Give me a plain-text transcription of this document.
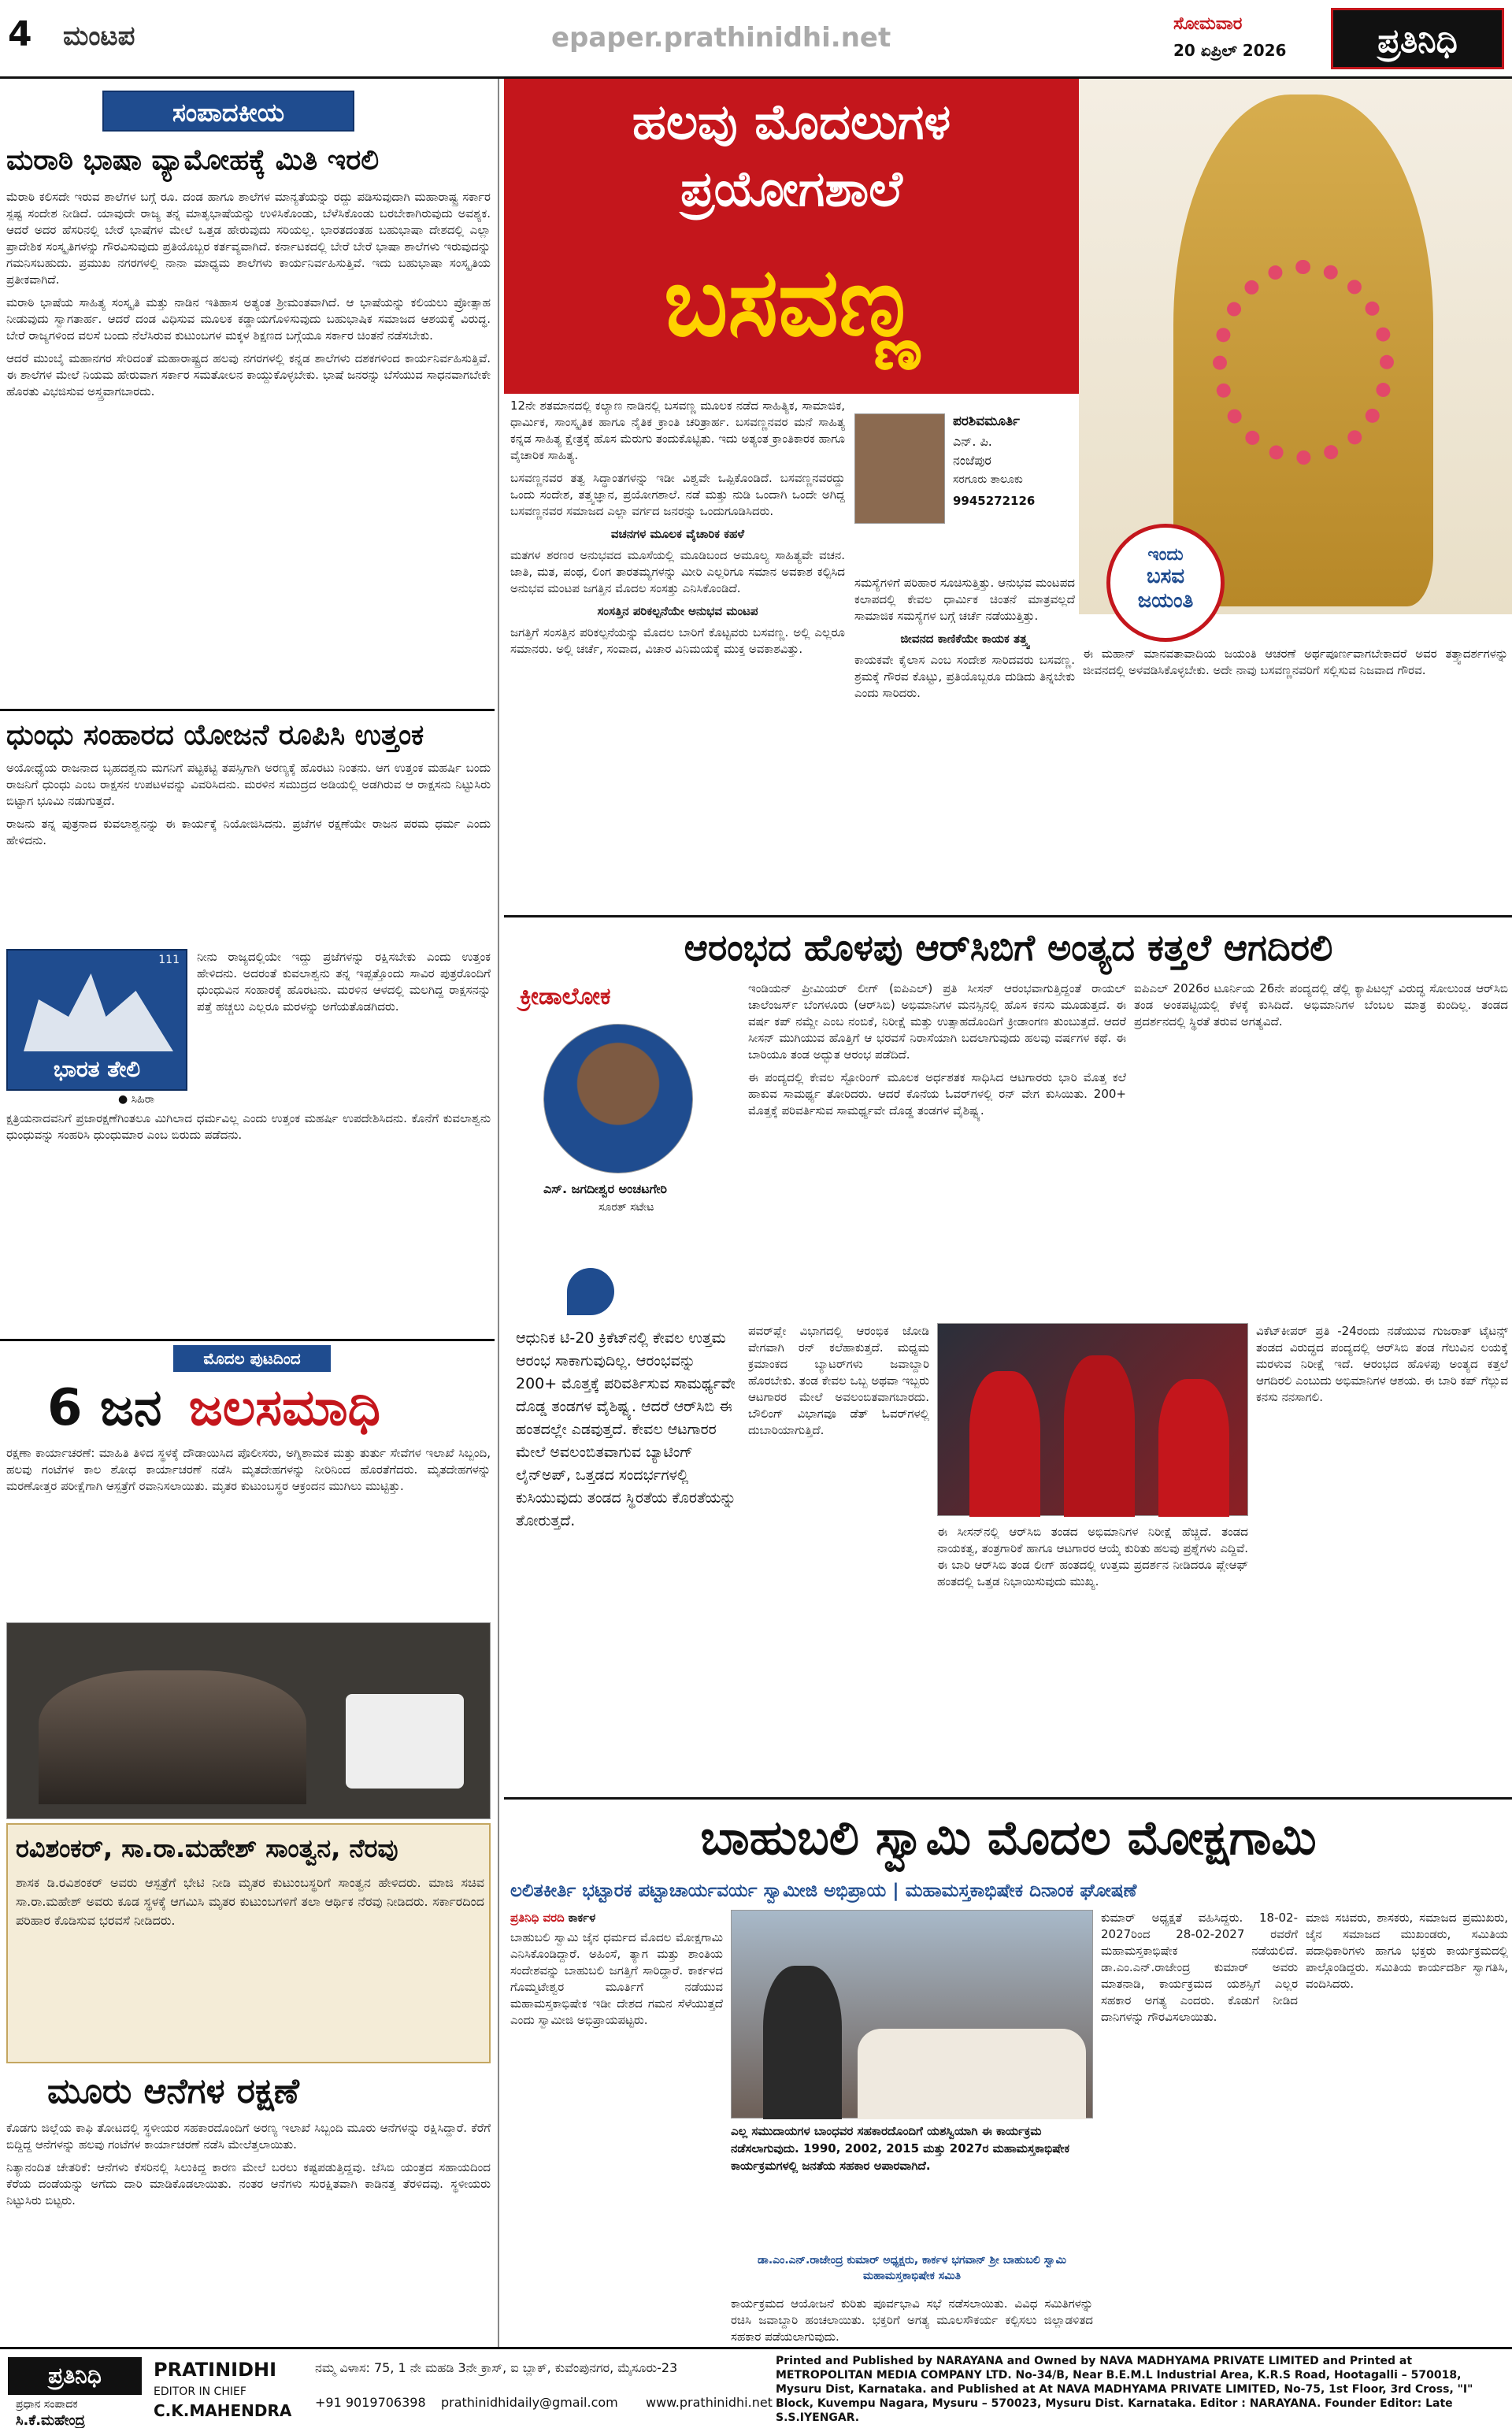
4 ಮಂಟಪ	epaper.prathinidhi.net	ಸೋಮವಾರ
20 ಏಪ್ರಿಲ್ 2026	ಪ್ರತಿನಿಧಿ
ಸಂಪಾದಕೀಯ
ಮರಾಠಿ ಭಾಷಾ ವ್ಯಾಮೋಹಕ್ಕೆ ಮಿತಿ ಇರಲಿ

ಮೆರಾಠಿ ಕಲಿಸದೇ ಇರುವ ಶಾಲೆಗಳ ಬಗ್ಗೆ ರೂ. ದಂಡ ಹಾಗೂ ಶಾಲೆಗಳ ಮಾನ್ಯತೆಯನ್ನು ರದ್ದು ಪಡಿಸುವುದಾಗಿ ಮಹಾರಾಷ್ಟ್ರ ಸರ್ಕಾರ ಸ್ಪಷ್ಟ ಸಂದೇಶ ನೀಡಿದೆ. ಯಾವುದೇ ರಾಜ್ಯ ತನ್ನ ಮಾತೃಭಾಷೆಯನ್ನು ಉಳಿಸಿಕೊಂಡು, ಬೆಳೆಸಿಕೊಂಡು ಬರಬೇಕಾಗಿರುವುದು ಅವಶ್ಯಕ. ಆದರೆ ಅದರ ಹೆಸರಿನಲ್ಲಿ ಬೇರೆ ಭಾಷೆಗಳ ಮೇಲೆ ಒತ್ತಡ ಹೇರುವುದು ಸರಿಯಲ್ಲ. ಭಾರತದಂತಹ ಬಹುಭಾಷಾ ದೇಶದಲ್ಲಿ ಎಲ್ಲಾ ಪ್ರಾದೇಶಿಕ ಸಂಸ್ಕೃತಿಗಳನ್ನು ಗೌರವಿಸುವುದು ಪ್ರತಿಯೊಬ್ಬರ ಕರ್ತವ್ಯವಾಗಿದೆ. ಕರ್ನಾಟಕದಲ್ಲಿ ಬೇರೆ ಬೇರೆ ಭಾಷಾ ಶಾಲೆಗಳು ಇರುವುದನ್ನು ಗಮನಿಸಬಹುದು. ಪ್ರಮುಖ ನಗರಗಳಲ್ಲಿ ನಾನಾ ಮಾಧ್ಯಮ ಶಾಲೆಗಳು ಕಾರ್ಯನಿರ್ವಹಿಸುತ್ತಿವೆ. ಇದು ಬಹುಭಾಷಾ ಸಂಸ್ಕೃತಿಯ ಪ್ರತೀಕವಾಗಿದೆ.

ಮರಾಠಿ ಭಾಷೆಯ ಸಾಹಿತ್ಯ ಸಂಸ್ಕೃತಿ ಮತ್ತು ನಾಡಿನ ಇತಿಹಾಸ ಅತ್ಯಂತ ಶ್ರೀಮಂತವಾಗಿದೆ. ಆ ಭಾಷೆಯನ್ನು ಕಲಿಯಲು ಪ್ರೋತ್ಸಾಹ ನೀಡುವುದು ಸ್ವಾಗತಾರ್ಹ. ಆದರೆ ದಂಡ ವಿಧಿಸುವ ಮೂಲಕ ಕಡ್ಡಾಯಗೊಳಿಸುವುದು ಬಹುಭಾಷಿಕ ಸಮಾಜದ ಆಶಯಕ್ಕೆ ವಿರುದ್ಧ. ಬೇರೆ ರಾಜ್ಯಗಳಿಂದ ವಲಸೆ ಬಂದು ನೆಲೆಸಿರುವ ಕುಟುಂಬಗಳ ಮಕ್ಕಳ ಶಿಕ್ಷಣದ ಬಗ್ಗೆಯೂ ಸರ್ಕಾರ ಚಿಂತನೆ ನಡೆಸಬೇಕು.

ಆದರೆ ಮುಂಬೈ ಮಹಾನಗರ ಸೇರಿದಂತೆ ಮಹಾರಾಷ್ಟ್ರದ ಹಲವು ನಗರಗಳಲ್ಲಿ ಕನ್ನಡ ಶಾಲೆಗಳು ದಶಕಗಳಿಂದ ಕಾರ್ಯನಿರ್ವಹಿಸುತ್ತಿವೆ. ಈ ಶಾಲೆಗಳ ಮೇಲೆ ನಿಯಮ ಹೇರುವಾಗ ಸರ್ಕಾರ ಸಮತೋಲನ ಕಾಯ್ದುಕೊಳ್ಳಬೇಕು. ಭಾಷೆ ಜನರನ್ನು ಬೆಸೆಯುವ ಸಾಧನವಾಗಬೇಕೇ ಹೊರತು ವಿಭಜಿಸುವ ಅಸ್ತ್ರವಾಗಬಾರದು.

ಧುಂಧು ಸಂಹಾರದ ಯೋಜನೆ ರೂಪಿಸಿ ಉತ್ತಂಕ

ಅಯೋಧ್ಯೆಯ ರಾಜನಾದ ಬೃಹದಶ್ವನು ಮಗನಿಗೆ ಪಟ್ಟಕಟ್ಟಿ ತಪಸ್ಸಿಗಾಗಿ ಅರಣ್ಯಕ್ಕೆ ಹೊರಟು ನಿಂತನು. ಆಗ ಉತ್ತಂಕ ಮಹರ್ಷಿ ಬಂದು ರಾಜನಿಗೆ ಧುಂಧು ಎಂಬ ರಾಕ್ಷಸನ ಉಪಟಳವನ್ನು ವಿವರಿಸಿದನು. ಮರಳಿನ ಸಮುದ್ರದ ಅಡಿಯಲ್ಲಿ ಅಡಗಿರುವ ಆ ರಾಕ್ಷಸನು ನಿಟ್ಟುಸಿರು ಬಿಟ್ಟಾಗ ಭೂಮಿ ನಡುಗುತ್ತದೆ.

ರಾಜನು ತನ್ನ ಪುತ್ರನಾದ ಕುವಲಾಶ್ವನನ್ನು ಈ ಕಾರ್ಯಕ್ಕೆ ನಿಯೋಜಿಸಿದನು. ಪ್ರಜೆಗಳ ರಕ್ಷಣೆಯೇ ರಾಜನ ಪರಮ ಧರ್ಮ ಎಂದು ಹೇಳಿದನು.

111
ಭಾರತ ತೇಲಿ
● ಸಿಹಿರಾ

ನೀನು ರಾಜ್ಯದಲ್ಲಿಯೇ ಇದ್ದು ಪ್ರಜೆಗಳನ್ನು ರಕ್ಷಿಸಬೇಕು ಎಂದು ಉತ್ತಂಕ ಹೇಳಿದನು. ಅದರಂತೆ ಕುವಲಾಶ್ವನು ತನ್ನ ಇಪ್ಪತ್ತೊಂದು ಸಾವಿರ ಪುತ್ರರೊಂದಿಗೆ ಧುಂಧುವಿನ ಸಂಹಾರಕ್ಕೆ ಹೊರಟನು. ಮರಳಿನ ಆಳದಲ್ಲಿ ಮಲಗಿದ್ದ ರಾಕ್ಷಸನನ್ನು ಪತ್ತೆ ಹಚ್ಚಲು ಎಲ್ಲರೂ ಮರಳನ್ನು ಅಗೆಯತೊಡಗಿದರು.

ಕ್ಷತ್ರಿಯನಾದವನಿಗೆ ಪ್ರಜಾರಕ್ಷಣೆಗಿಂತಲೂ ಮಿಗಿಲಾದ ಧರ್ಮವಿಲ್ಲ ಎಂದು ಉತ್ತಂಕ ಮಹರ್ಷಿ ಉಪದೇಶಿಸಿದನು. ಕೊನೆಗೆ ಕುವಲಾಶ್ವನು ಧುಂಧುವನ್ನು ಸಂಹರಿಸಿ ಧುಂಧುಮಾರ ಎಂಬ ಬಿರುದು ಪಡೆದನು.

ಮೊದಲ ಪುಟದಿಂದ
6 ಜನ ಜಲಸಮಾಧಿ

ರಕ್ಷಣಾ ಕಾರ್ಯಾಚರಣೆ: ಮಾಹಿತಿ ತಿಳಿದ ಸ್ಥಳಕ್ಕೆ ದೌಡಾಯಿಸಿದ ಪೊಲೀಸರು, ಅಗ್ನಿಶಾಮಕ ಮತ್ತು ತುರ್ತು ಸೇವೆಗಳ ಇಲಾಖೆ ಸಿಬ್ಬಂದಿ, ಹಲವು ಗಂಟೆಗಳ ಕಾಲ ಶೋಧ ಕಾರ್ಯಾಚರಣೆ ನಡೆಸಿ ಮೃತದೇಹಗಳನ್ನು ನೀರಿನಿಂದ ಹೊರತೆಗೆದರು. ಮೃತದೇಹಗಳನ್ನು ಮರಣೋತ್ತರ ಪರೀಕ್ಷೆಗಾಗಿ ಆಸ್ಪತ್ರೆಗೆ ರವಾನಿಸಲಾಯಿತು. ಮೃತರ ಕುಟುಂಬಸ್ಥರ ಆಕ್ರಂದನ ಮುಗಿಲು ಮುಟ್ಟಿತ್ತು.

ರವಿಶಂಕರ್, ಸಾ.ರಾ.ಮಹೇಶ್ ಸಾಂತ್ವನ, ನೆರವು
ಶಾಸಕ ಡಿ.ರವಿಶಂಕರ್ ಅವರು ಆಸ್ಪತ್ರೆಗೆ ಭೇಟಿ ನೀಡಿ ಮೃತರ ಕುಟುಂಬಸ್ಥರಿಗೆ ಸಾಂತ್ವನ ಹೇಳಿದರು. ಮಾಜಿ ಸಚಿವ ಸಾ.ರಾ.ಮಹೇಶ್ ಅವರು ಕೂಡ ಸ್ಥಳಕ್ಕೆ ಆಗಮಿಸಿ ಮೃತರ ಕುಟುಂಬಗಳಿಗೆ ತಲಾ ಆರ್ಥಿಕ ನೆರವು ನೀಡಿದರು. ಸರ್ಕಾರದಿಂದ ಪರಿಹಾರ ಕೊಡಿಸುವ ಭರವಸೆ ನೀಡಿದರು.
ಮೂರು ಆನೆಗಳ ರಕ್ಷಣೆ

ಕೊಡಗು ಜಿಲ್ಲೆಯ ಕಾಫಿ ತೋಟದಲ್ಲಿ ಸ್ಥಳೀಯರ ಸಹಕಾರದೊಂದಿಗೆ ಅರಣ್ಯ ಇಲಾಖೆ ಸಿಬ್ಬಂದಿ ಮೂರು ಆನೆಗಳನ್ನು ರಕ್ಷಿಸಿದ್ದಾರೆ. ಕೆರೆಗೆ ಬಿದ್ದಿದ್ದ ಆನೆಗಳನ್ನು ಹಲವು ಗಂಟೆಗಳ ಕಾರ್ಯಾಚರಣೆ ನಡೆಸಿ ಮೇಲೆತ್ತಲಾಯಿತು.

ನಿತ್ಯಾನಂದಿತ ಚೇತರಿಕೆ: ಆನೆಗಳು ಕೆಸರಿನಲ್ಲಿ ಸಿಲುಕಿದ್ದ ಕಾರಣ ಮೇಲೆ ಬರಲು ಕಷ್ಟಪಡುತ್ತಿದ್ದವು. ಜೆಸಿಬಿ ಯಂತ್ರದ ಸಹಾಯದಿಂದ ಕೆರೆಯ ದಂಡೆಯನ್ನು ಅಗೆದು ದಾರಿ ಮಾಡಿಕೊಡಲಾಯಿತು. ನಂತರ ಆನೆಗಳು ಸುರಕ್ಷಿತವಾಗಿ ಕಾಡಿನತ್ತ ತೆರಳಿದವು. ಸ್ಥಳೀಯರು ನಿಟ್ಟುಸಿರು ಬಿಟ್ಟರು.

ಹಲವು ಮೊದಲುಗಳ
ಪ್ರಯೋಗಶಾಲೆ
ಬಸವಣ್ಣ

12ನೇ ಶತಮಾನದಲ್ಲಿ ಕಲ್ಯಾಣ ನಾಡಿನಲ್ಲಿ ಬಸವಣ್ಣ ಮೂಲಕ ನಡೆದ ಸಾಹಿತ್ಯಿಕ, ಸಾಮಾಜಿಕ, ಧಾರ್ಮಿಕ, ಸಾಂಸ್ಕೃತಿಕ ಹಾಗೂ ನೈತಿಕ ಕ್ರಾಂತಿ ಚರಿತ್ರಾರ್ಹ. ಬಸವಣ್ಣನವರ ಮನೆ ಸಾಹಿತ್ಯ ಕನ್ನಡ ಸಾಹಿತ್ಯ ಕ್ಷೇತ್ರಕ್ಕೆ ಹೊಸ ಮೆರುಗು ತಂದುಕೊಟ್ಟಿತು. ಇದು ಅತ್ಯಂತ ಕ್ರಾಂತಿಕಾರಕ ಹಾಗೂ ವೈಚಾರಿಕ ಸಾಹಿತ್ಯ.

ಬಸವಣ್ಣನವರ ತತ್ವ ಸಿದ್ಧಾಂತಗಳನ್ನು ಇಡೀ ವಿಶ್ವವೇ ಒಪ್ಪಿಕೊಂಡಿದೆ. ಬಸವಣ್ಣನವರದ್ದು ಒಂದು ಸಂದೇಶ, ತತ್ತ್ವಜ್ಞಾನ, ಪ್ರಯೋಗಶಾಲೆ. ನಡೆ ಮತ್ತು ನುಡಿ ಒಂದಾಗಿ ಒಂದೇ ಅಗಿದ್ದ ಬಸವಣ್ಣನವರ ಸಮಾಜದ ಎಲ್ಲಾ ವರ್ಗದ ಜನರನ್ನು ಒಂದುಗೂಡಿಸಿದರು.

ವಚನಗಳ ಮೂಲಕ ವೈಚಾರಿಕ ಕಹಳೆ

ಮತಗಳ ಶರಣರ ಅನುಭವದ ಮೂಸೆಯಲ್ಲಿ ಮೂಡಿಬಂದ ಅಮೂಲ್ಯ ಸಾಹಿತ್ಯವೇ ವಚನ. ಜಾತಿ, ಮತ, ಪಂಥ, ಲಿಂಗ ತಾರತಮ್ಯಗಳನ್ನು ಮೀರಿ ಎಲ್ಲರಿಗೂ ಸಮಾನ ಅವಕಾಶ ಕಲ್ಪಿಸಿದ ಅನುಭವ ಮಂಟಪ ಜಗತ್ತಿನ ಮೊದಲ ಸಂಸತ್ತು ಎನಿಸಿಕೊಂಡಿದೆ.

ಸಂಸತ್ತಿನ ಪರಿಕಲ್ಪನೆಯೇ ಅನುಭವ ಮಂಟಪ

ಜಗತ್ತಿಗೆ ಸಂಸತ್ತಿನ ಪರಿಕಲ್ಪನೆಯನ್ನು ಮೊದಲ ಬಾರಿಗೆ ಕೊಟ್ಟವರು ಬಸವಣ್ಣ. ಅಲ್ಲಿ ಎಲ್ಲರೂ ಸಮಾನರು. ಅಲ್ಲಿ ಚರ್ಚೆ, ಸಂವಾದ, ವಿಚಾರ ವಿನಿಮಯಕ್ಕೆ ಮುಕ್ತ ಅವಕಾಶವಿತ್ತು.

ಪರಶಿವಮೂರ್ತಿ
ಎನ್. ಪಿ.
ನಂಜೆಪುರ
ಸರಗೂರು ತಾಲೂಕು
9945272126

ಸಮಸ್ಯೆಗಳಿಗೆ ಪರಿಹಾರ ಸೂಚಿಸುತ್ತಿತ್ತು. ಆನುಭವ ಮಂಟಪದ ಕಲಾಪದಲ್ಲಿ ಕೇವಲ ಧಾರ್ಮಿಕ ಚಿಂತನೆ ಮಾತ್ರವಲ್ಲದೆ ಸಾಮಾಜಿಕ ಸಮಸ್ಯೆಗಳ ಬಗ್ಗೆ ಚರ್ಚೆ ನಡೆಯುತ್ತಿತ್ತು.

ಜೀವನದ ಕಾಣಿಕೆಯೇ ಕಾಯಕ ತತ್ತ್ವ

ಕಾಯಕವೇ ಕೈಲಾಸ ಎಂಬ ಸಂದೇಶ ಸಾರಿದವರು ಬಸವಣ್ಣ. ಶ್ರಮಕ್ಕೆ ಗೌರವ ಕೊಟ್ಟು, ಪ್ರತಿಯೊಬ್ಬರೂ ದುಡಿದು ತಿನ್ನಬೇಕು ಎಂದು ಸಾರಿದರು.

ಇಂದು
ಬಸವ
ಜಯಂತಿ

ಈ ಮಹಾನ್ ಮಾನವತಾವಾದಿಯ ಜಯಂತಿ ಆಚರಣೆ ಅರ್ಥಪೂರ್ಣವಾಗಬೇಕಾದರೆ ಅವರ ತತ್ತ್ವಾದರ್ಶಗಳನ್ನು ಜೀವನದಲ್ಲಿ ಅಳವಡಿಸಿಕೊಳ್ಳಬೇಕು. ಅದೇ ನಾವು ಬಸವಣ್ಣನವರಿಗೆ ಸಲ್ಲಿಸುವ ನಿಜವಾದ ಗೌರವ.

ಆರಂಭದ ಹೊಳಪು ಆರ್‌ಸಿಬಿಗೆ ಅಂತ್ಯದ ಕತ್ತಲೆ ಆಗದಿರಲಿ
ಕ್ರೀಡಾಲೋಕ
ಎಸ್. ಜಗದೀಶ್ವರ ಅಂಚಟಗೇರಿ
ಸೂರತ್ ಸಟೇಟ
ಆಧುನಿಕ ಟಿ-20 ಕ್ರಿಕೆಟ್‌ನಲ್ಲಿ ಕೇವಲ ಉತ್ತಮ ಆರಂಭ ಸಾಕಾಗುವುದಿಲ್ಲ. ಆರಂಭವನ್ನು 200+ ಮೊತ್ತಕ್ಕೆ ಪರಿವರ್ತಿಸುವ ಸಾಮರ್ಥ್ಯವೇ ದೊಡ್ಡ ತಂಡಗಳ ವೈಶಿಷ್ಟ್ಯ. ಆದರೆ ಆರ್‌ಸಿಬಿ ಈ ಹಂತದಲ್ಲೇ ಎಡವುತ್ತದೆ. ಕೇವಲ ಆಟಗಾರರ ಮೇಲೆ ಅವಲಂಬಿತವಾಗುವ ಬ್ಯಾಟಿಂಗ್ ಲೈನ್‌ಅಪ್, ಒತ್ತಡದ ಸಂದರ್ಭಗಳಲ್ಲಿ ಕುಸಿಯುವುದು ತಂಡದ ಸ್ಥಿರತೆಯ ಕೊರತೆಯನ್ನು ತೋರುತ್ತದೆ.

ಇಂಡಿಯನ್ ಪ್ರೀಮಿಯರ್ ಲೀಗ್ (ಐಪಿಎಲ್) ಪ್ರತಿ ಸೀಸನ್ ಆರಂಭವಾಗುತ್ತಿದ್ದಂತೆ ರಾಯಲ್ ಚಾಲೆಂಜರ್ಸ್ ಬೆಂಗಳೂರು (ಆರ್‌ಸಿಬಿ) ಅಭಿಮಾನಿಗಳ ಮನಸ್ಸಿನಲ್ಲಿ ಹೊಸ ಕನಸು ಮೂಡುತ್ತದೆ. ಈ ವರ್ಷ ಕಪ್ ನಮ್ದೇ ಎಂಬ ನಂಬಿಕೆ, ನಿರೀಕ್ಷೆ ಮತ್ತು ಉತ್ಸಾಹದೊಂದಿಗೆ ಕ್ರೀಡಾಂಗಣ ತುಂಬುತ್ತದೆ. ಆದರೆ ಸೀಸನ್ ಮುಗಿಯುವ ಹೊತ್ತಿಗೆ ಆ ಭರವಸೆ ನಿರಾಸೆಯಾಗಿ ಬದಲಾಗುವುದು ಹಲವು ವರ್ಷಗಳ ಕಥೆ. ಈ ಬಾರಿಯೂ ತಂಡ ಅದ್ಭುತ ಆರಂಭ ಪಡೆದಿದೆ.

ಈ ಪಂದ್ಯದಲ್ಲಿ ಕೇವಲ ಸ್ಟೋರಿಂಗ್ ಮೂಲಕ ಅರ್ಧಶತಕ ಸಾಧಿಸಿದ ಆಟಗಾರರು ಭಾರಿ ಮೊತ್ತ ಕಲೆ ಹಾಕುವ ಸಾಮರ್ಥ್ಯ ತೋರಿದರು. ಆದರೆ ಕೊನೆಯ ಓವರ್‌ಗಳಲ್ಲಿ ರನ್ ವೇಗ ಕುಸಿಯಿತು. 200+ ಮೊತ್ತಕ್ಕೆ ಪರಿವರ್ತಿಸುವ ಸಾಮರ್ಥ್ಯವೇ ದೊಡ್ಡ ತಂಡಗಳ ವೈಶಿಷ್ಟ್ಯ.

ಪವರ್‌ಪ್ಲೇ ವಿಭಾಗದಲ್ಲಿ ಆರಂಭಿಕ ಜೋಡಿ ವೇಗವಾಗಿ ರನ್ ಕಲೆಹಾಕುತ್ತದೆ. ಮಧ್ಯಮ ಕ್ರಮಾಂಕದ ಬ್ಯಾಟರ್‌ಗಳು ಜವಾಬ್ದಾರಿ ಹೊರಬೇಕು. ತಂಡ ಕೇವಲ ಒಬ್ಬ ಅಥವಾ ಇಬ್ಬರು ಆಟಗಾರರ ಮೇಲೆ ಅವಲಂಬಿತವಾಗಬಾರದು. ಬೌಲಿಂಗ್ ವಿಭಾಗವೂ ಡೆತ್ ಓವರ್‌ಗಳಲ್ಲಿ ದುಬಾರಿಯಾಗುತ್ತಿದೆ.

ಈ ಸೀಸನ್‌ನಲ್ಲಿ ಆರ್‌ಸಿಬಿ ತಂಡದ ಅಭಿಮಾನಿಗಳ ನಿರೀಕ್ಷೆ ಹೆಚ್ಚಿದೆ. ತಂಡದ ನಾಯಕತ್ವ, ತಂತ್ರಗಾರಿಕೆ ಹಾಗೂ ಆಟಗಾರರ ಆಯ್ಕೆ ಕುರಿತು ಹಲವು ಪ್ರಶ್ನೆಗಳು ಎದ್ದಿವೆ. ಈ ಬಾರಿ ಆರ್‌ಸಿಬಿ ತಂಡ ಲೀಗ್ ಹಂತದಲ್ಲಿ ಉತ್ತಮ ಪ್ರದರ್ಶನ ನೀಡಿದರೂ ಪ್ಲೇಆಫ್ ಹಂತದಲ್ಲಿ ಒತ್ತಡ ನಿಭಾಯಿಸುವುದು ಮುಖ್ಯ.

ಐಪಿಎಲ್ 2026ರ ಟೂರ್ನಿಯ 26ನೇ ಪಂದ್ಯದಲ್ಲಿ ಡೆಲ್ಲಿ ಕ್ಯಾಪಿಟಲ್ಸ್ ವಿರುದ್ಧ ಸೋಲುಂಡ ಆರ್‌ಸಿಬಿ ತಂಡ ಅಂಕಪಟ್ಟಿಯಲ್ಲಿ ಕೆಳಕ್ಕೆ ಕುಸಿದಿದೆ. ಅಭಿಮಾನಿಗಳ ಬೆಂಬಲ ಮಾತ್ರ ಕುಂದಿಲ್ಲ. ತಂಡದ ಪ್ರದರ್ಶನದಲ್ಲಿ ಸ್ಥಿರತೆ ತರುವ ಅಗತ್ಯವಿದೆ.

ವಿಕೆಟ್‌ಕೀಪರ್ ಪ್ರತಿ -24ರಂದು ನಡೆಯುವ ಗುಜರಾತ್ ಟೈಟನ್ಸ್ ತಂಡದ ವಿರುದ್ಧದ ಪಂದ್ಯದಲ್ಲಿ ಆರ್‌ಸಿಬಿ ತಂಡ ಗೆಲುವಿನ ಲಯಕ್ಕೆ ಮರಳುವ ನಿರೀಕ್ಷೆ ಇದೆ. ಆರಂಭದ ಹೊಳಪು ಅಂತ್ಯದ ಕತ್ತಲೆ ಆಗದಿರಲಿ ಎಂಬುದು ಅಭಿಮಾನಿಗಳ ಆಶಯ. ಈ ಬಾರಿ ಕಪ್ ಗೆಲ್ಲುವ ಕನಸು ನನಸಾಗಲಿ.

ಬಾಹುಬಲಿ ಸ್ವಾಮಿ ಮೊದಲ ಮೋಕ್ಷಗಾಮಿ
ಲಲಿತಕೀರ್ತಿ ಭಟ್ಟಾರಕ ಪಟ್ಟಾಚಾರ್ಯವರ್ಯ ಸ್ವಾಮೀಜಿ ಅಭಿಪ್ರಾಯ | ಮಹಾಮಸ್ತಕಾಭಿಷೇಕ ದಿನಾಂಕ ಘೋಷಣೆ
ಪ್ರತಿನಿಧಿ ವರದಿ ಕಾರ್ಕಳ

ಬಾಹುಬಲಿ ಸ್ವಾಮಿ ಜೈನ ಧರ್ಮದ ಮೊದಲ ಮೋಕ್ಷಗಾಮಿ ಎನಿಸಿಕೊಂಡಿದ್ದಾರೆ. ಅಹಿಂಸೆ, ತ್ಯಾಗ ಮತ್ತು ಶಾಂತಿಯ ಸಂದೇಶವನ್ನು ಬಾಹುಬಲಿ ಜಗತ್ತಿಗೆ ಸಾರಿದ್ದಾರೆ. ಕಾರ್ಕಳದ ಗೊಮ್ಮಟೇಶ್ವರ ಮೂರ್ತಿಗೆ ನಡೆಯುವ ಮಹಾಮಸ್ತಕಾಭಿಷೇಕ ಇಡೀ ದೇಶದ ಗಮನ ಸೆಳೆಯುತ್ತದೆ ಎಂದು ಸ್ವಾಮೀಜಿ ಅಭಿಪ್ರಾಯಪಟ್ಟರು.

ಎಲ್ಲ ಸಮುದಾಯಗಳ ಬಾಂಧವರ ಸಹಕಾರದೊಂದಿಗೆ ಯಶಸ್ವಿಯಾಗಿ ಈ ಕಾರ್ಯಕ್ರಮ ನಡೆಸಲಾಗುವುದು. 1990, 2002, 2015 ಮತ್ತು 2027ರ ಮಹಾಮಸ್ತಕಾಭಿಷೇಕ ಕಾರ್ಯಕ್ರಮಗಳಲ್ಲಿ ಜನತೆಯ ಸಹಕಾರ ಅಪಾರವಾಗಿದೆ.
ಡಾ.ಎಂ.ಎನ್.ರಾಜೇಂದ್ರ ಕುಮಾರ್ ಅಧ್ಯಕ್ಷರು, ಕಾರ್ಕಳ ಭಗವಾನ್ ಶ್ರೀ ಬಾಹುಬಲಿ ಸ್ವಾಮಿ ಮಹಾಮಸ್ತಕಾಭಿಷೇಕ ಸಮಿತಿ

ಕಾರ್ಯಕ್ರಮದ ಆಯೋಜನೆ ಕುರಿತು ಪೂರ್ವಭಾವಿ ಸಭೆ ನಡೆಸಲಾಯಿತು. ವಿವಿಧ ಸಮಿತಿಗಳನ್ನು ರಚಿಸಿ ಜವಾಬ್ದಾರಿ ಹಂಚಲಾಯಿತು. ಭಕ್ತರಿಗೆ ಅಗತ್ಯ ಮೂಲಸೌಕರ್ಯ ಕಲ್ಪಿಸಲು ಜಿಲ್ಲಾಡಳಿತದ ಸಹಕಾರ ಪಡೆಯಲಾಗುವುದು.

ಕುಮಾರ್ ಅಧ್ಯಕ್ಷತೆ ವಹಿಸಿದ್ದರು. 18-02-2027ರಿಂದ 28-02-2027 ರವರೆಗೆ ಮಹಾಮಸ್ತಕಾಭಿಷೇಕ ನಡೆಯಲಿದೆ. ಡಾ.ಎಂ.ಎನ್.ರಾಜೇಂದ್ರ ಕುಮಾರ್ ಅವರು ಮಾತನಾಡಿ, ಕಾರ್ಯಕ್ರಮದ ಯಶಸ್ಸಿಗೆ ಎಲ್ಲರ ಸಹಕಾರ ಅಗತ್ಯ ಎಂದರು. ಕೊಡುಗೆ ನೀಡಿದ ದಾನಿಗಳನ್ನು ಗೌರವಿಸಲಾಯಿತು.

ಮಾಜಿ ಸಚಿವರು, ಶಾಸಕರು, ಸಮಾಜದ ಪ್ರಮುಖರು, ಜೈನ ಸಮಾಜದ ಮುಖಂಡರು, ಸಮಿತಿಯ ಪದಾಧಿಕಾರಿಗಳು ಹಾಗೂ ಭಕ್ತರು ಕಾರ್ಯಕ್ರಮದಲ್ಲಿ ಪಾಲ್ಗೊಂಡಿದ್ದರು. ಸಮಿತಿಯ ಕಾರ್ಯದರ್ಶಿ ಸ್ವಾಗತಿಸಿ, ವಂದಿಸಿದರು.

ಪ್ರತಿನಿಧಿ
ಪ್ರಧಾನ ಸಂಪಾದಕ
ಸಿ.ಕೆ.ಮಹೇಂದ್ರ
PRATINIDHI
EDITOR IN CHIEF
C.K.MAHENDRA
ನಮ್ಮ ವಿಳಾಸ: 75, 1 ನೇ ಮಹಡಿ 3ನೇ ಕ್ರಾಸ್, ಐ ಬ್ಲಾಕ್, ಕುವೆಂಪುನಗರ, ಮೈಸೂರು-23
+91 9019706398 prathinidhidaily@gmail.com www.prathinidhi.net
Printed and Published by NARAYANA and Owned by NAVA MADHYAMA PRIVATE LIMITED and Printed at METROPOLITAN MEDIA COMPANY LTD. No-34/B, Near B.E.M.L Industrial Area, K.R.S Road, Hootagalli – 570018, Mysuru Dist, Karnataka. and Published at At NAVA MADHYAMA PRIVATE LIMITED, No-75, 1st Floor, 3rd Cross, "I" Block, Kuvempu Nagara, Mysuru – 570023, Mysuru Dist. Karnataka. Editor : NARAYANA. Founder Editor: Late S.S.IYENGAR.
